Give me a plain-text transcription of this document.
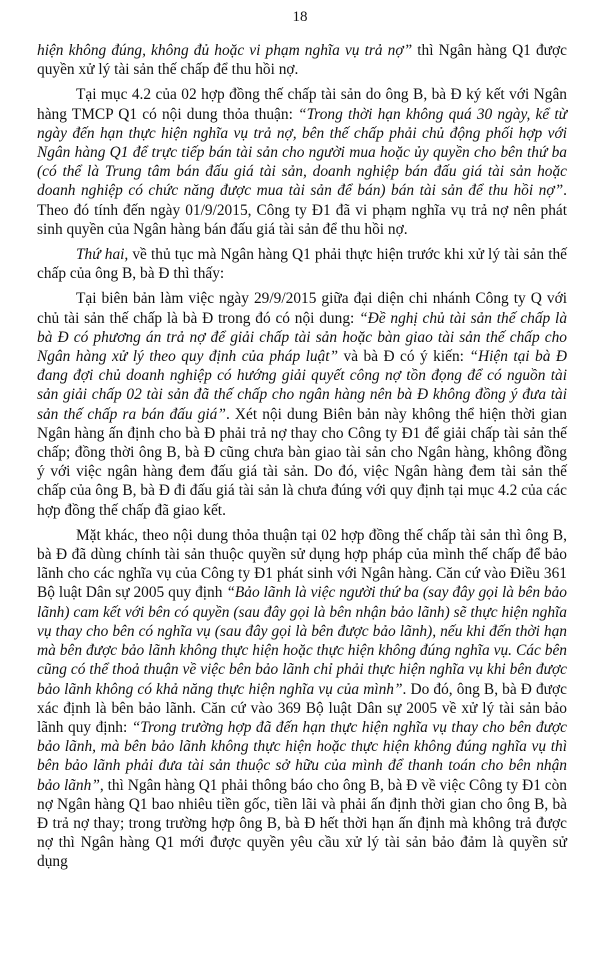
18

hiện không đúng, không đủ hoặc vi phạm nghĩa vụ trả nợ” thì Ngân hàng Q1 được quyền xử lý tài sản thế chấp để thu hồi nợ.

Tại mục 4.2 của 02 hợp đồng thế chấp tài sản do ông B, bà Đ ký kết với Ngân hàng TMCP Q1 có nội dung thỏa thuận: “Trong thời hạn không quá 30 ngày, kể từ ngày đến hạn thực hiện nghĩa vụ trả nợ, bên thế chấp phải chủ động phối hợp với Ngân hàng Q1 để trực tiếp bán tài sản cho người mua hoặc ủy quyền cho bên thứ ba (có thể là Trung tâm bán đấu giá tài sản, doanh nghiệp bán đấu giá tài sản hoặc doanh nghiệp có chức năng được mua tài sản để bán) bán tài sản để thu hồi nợ”. Theo đó tính đến ngày 01/9/2015, Công ty Đ1 đã vi phạm nghĩa vụ trả nợ nên phát sinh quyền của Ngân hàng bán đấu giá tài sản để thu hồi nợ.

Thứ hai, về thủ tục mà Ngân hàng Q1 phải thực hiện trước khi xử lý tài sản thế chấp của ông B, bà Đ thì thấy:

Tại biên bản làm việc ngày 29/9/2015 giữa đại diện chi nhánh Công ty Q với chủ tài sản thế chấp là bà Đ trong đó có nội dung: “Đề nghị chủ tài sản thế chấp là bà Đ có phương án trả nợ để giải chấp tài sản hoặc bàn giao tài sản thế chấp cho Ngân hàng xử lý theo quy định của pháp luật” và bà Đ có ý kiến: “Hiện tại bà Đ đang đợi chủ doanh nghiệp có hướng giải quyết công nợ tồn đọng để có nguồn tài sản giải chấp 02 tài sản đã thế chấp cho ngân hàng nên bà Đ không đồng ý đưa tài sản thế chấp ra bán đấu giá”. Xét nội dung Biên bản này không thể hiện thời gian Ngân hàng ấn định cho bà Đ phải trả nợ thay cho Công ty Đ1 để giải chấp tài sản thế chấp; đồng thời ông B, bà Đ cũng chưa bàn giao tài sản cho Ngân hàng, không đồng ý với việc ngân hàng đem đấu giá tài sản. Do đó, việc Ngân hàng đem tài sản thế chấp của ông B, bà Đ đi đấu giá tài sản là chưa đúng với quy định tại mục 4.2 của các hợp đồng thế chấp đã giao kết.

Mặt khác, theo nội dung thỏa thuận tại 02 hợp đồng thế chấp tài sản thì ông B, bà Đ đã dùng chính tài sản thuộc quyền sử dụng hợp pháp của mình thế chấp để bảo lãnh cho các nghĩa vụ của Công ty Đ1 phát sinh với Ngân hàng. Căn cứ vào Điều 361 Bộ luật Dân sự 2005 quy định “Bảo lãnh là việc người thứ ba (say đây gọi là bên bảo lãnh) cam kết với bên có quyền (sau đây gọi là bên nhận bảo lãnh) sẽ thực hiện nghĩa vụ thay cho bên có nghĩa vụ (sau đây gọi là bên được bảo lãnh), nếu khi đến thời hạn mà bên được bảo lãnh không thực hiện hoặc thực hiện không đúng nghĩa vụ. Các bên cũng có thể thoả thuận về việc bên bảo lãnh chỉ phải thực hiện nghĩa vụ khi bên được bảo lãnh không có khả năng thực hiện nghĩa vụ của mình”. Do đó, ông B, bà Đ được xác định là bên bảo lãnh. Căn cứ vào 369 Bộ luật Dân sự 2005 về xử lý tài sản bảo lãnh quy định: “Trong trường hợp đã đến hạn thực hiện nghĩa vụ thay cho bên được bảo lãnh, mà bên bảo lãnh không thực hiện hoặc thực hiện không đúng nghĩa vụ thì bên bảo lãnh phải đưa tài sản thuộc sở hữu của mình để thanh toán cho bên nhận bảo lãnh”, thì Ngân hàng Q1 phải thông báo cho ông B, bà Đ về việc Công ty Đ1 còn nợ Ngân hàng Q1 bao nhiêu tiền gốc, tiền lãi và phải ấn định thời gian cho ông B, bà Đ trả nợ thay; trong trường hợp ông B, bà Đ hết thời hạn ấn định mà không trả được nợ thì Ngân hàng Q1 mới được quyền yêu cầu xử lý tài sản bảo đảm là quyền sử dụng
